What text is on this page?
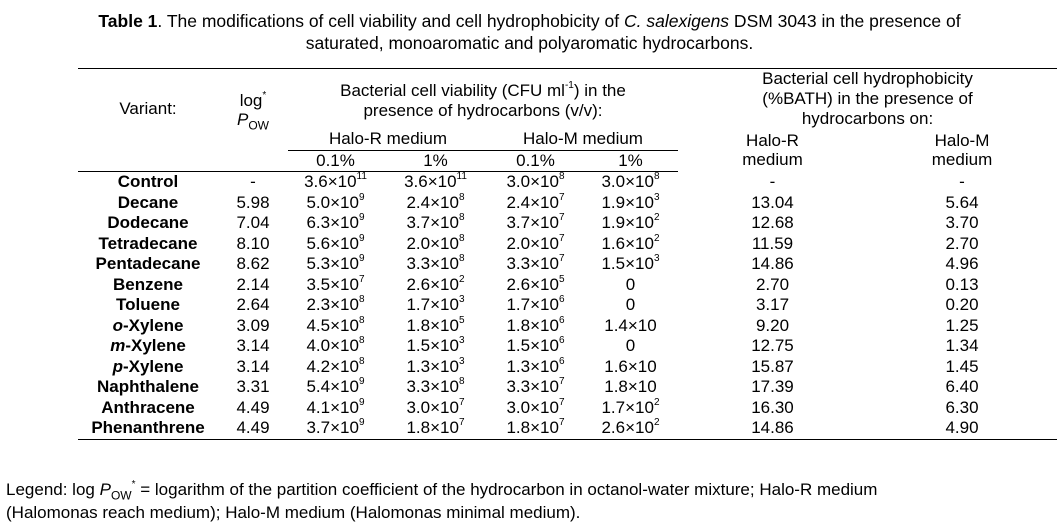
Table 1. The modifications of cell viability and cell hydrophobicity of C. salexigens DSM 3043 in the presence of
saturated, monoaromatic and polyaromatic hydrocarbons.
Variant:	log*
$P_{OW}$	Bacterial cell viability (CFU $ml^{-1}$) in the
presence of hydrocarbons (v/v):				Bacterial cell hydrophobicity
(%BATH) in the presence of
hydrocarbons on:	
		Halo-R medium		Halo-M medium		Halo-R
medium	Halo-M
medium
		0.1%	1%	0.1%	1%		
Control	-	$3.6\times 10^{11}$	$3.6\times 10^{11}$	$3.0\times 10^8$	$3.0\times 10^8$	-	-
Decane	5.98	$5.0\times 10^9$	$2.4\times 10^8$	$2.4\times 10^7$	$1.9\times 10^3$	13.04	5.64
Dodecane	7.04	$6.3\times 10^9$	$3.7\times 10^8$	$3.7\times 10^7$	$1.9\times 10^2$	12.68	3.70
Tetradecane	8.10	$5.6\times 10^9$	$2.0\times 10^8$	$2.0\times 10^7$	$1.6\times 10^2$	11.59	2.70
Pentadecane	8.62	$5.3\times 10^9$	$3.3\times 10^8$	$3.3\times 10^7$	$1.5\times 10^3$	14.86	4.96
Benzene	2.14	$3.5\times 10^7$	$2.6\times 10^2$	$2.6\times 10^5$	0	2.70	0.13
Toluene	2.64	$2.3\times 10^8$	$1.7\times 10^3$	$1.7\times 10^6$	0	3.17	0.20
o-Xylene	3.09	$4.5\times 10^8$	$1.8\times 10^5$	$1.8\times 10^6$	1.4×10	9.20	1.25
m-Xylene	3.14	$4.0\times 10^8$	$1.5\times 10^3$	$1.5\times 10^6$	0	12.75	1.34
p-Xylene	3.14	$4.2\times 10^8$	$1.3\times 10^3$	$1.3\times 10^6$	1.6×10	15.87	1.45
Naphthalene	3.31	$5.4\times 10^9$	$3.3\times 10^8$	$3.3\times 10^7$	1.8×10	17.39	6.40
Anthracene	4.49	$4.1\times 10^9$	$3.0\times 10^7$	$3.0\times 10^7$	$1.7\times 10^2$	16.30	6.30
Phenanthrene	4.49	$3.7\times 10^9$	$1.8\times 10^7$	$1.8\times 10^7$	$2.6\times 10^2$	14.86	4.90
Legend: $\log P_{OW}^*$ = logarithm of the partition coefficient of the hydrocarbon in octanol-water mixture; Halo-R medium
(Halomonas reach medium); Halo-M medium (Halomonas minimal medium).
